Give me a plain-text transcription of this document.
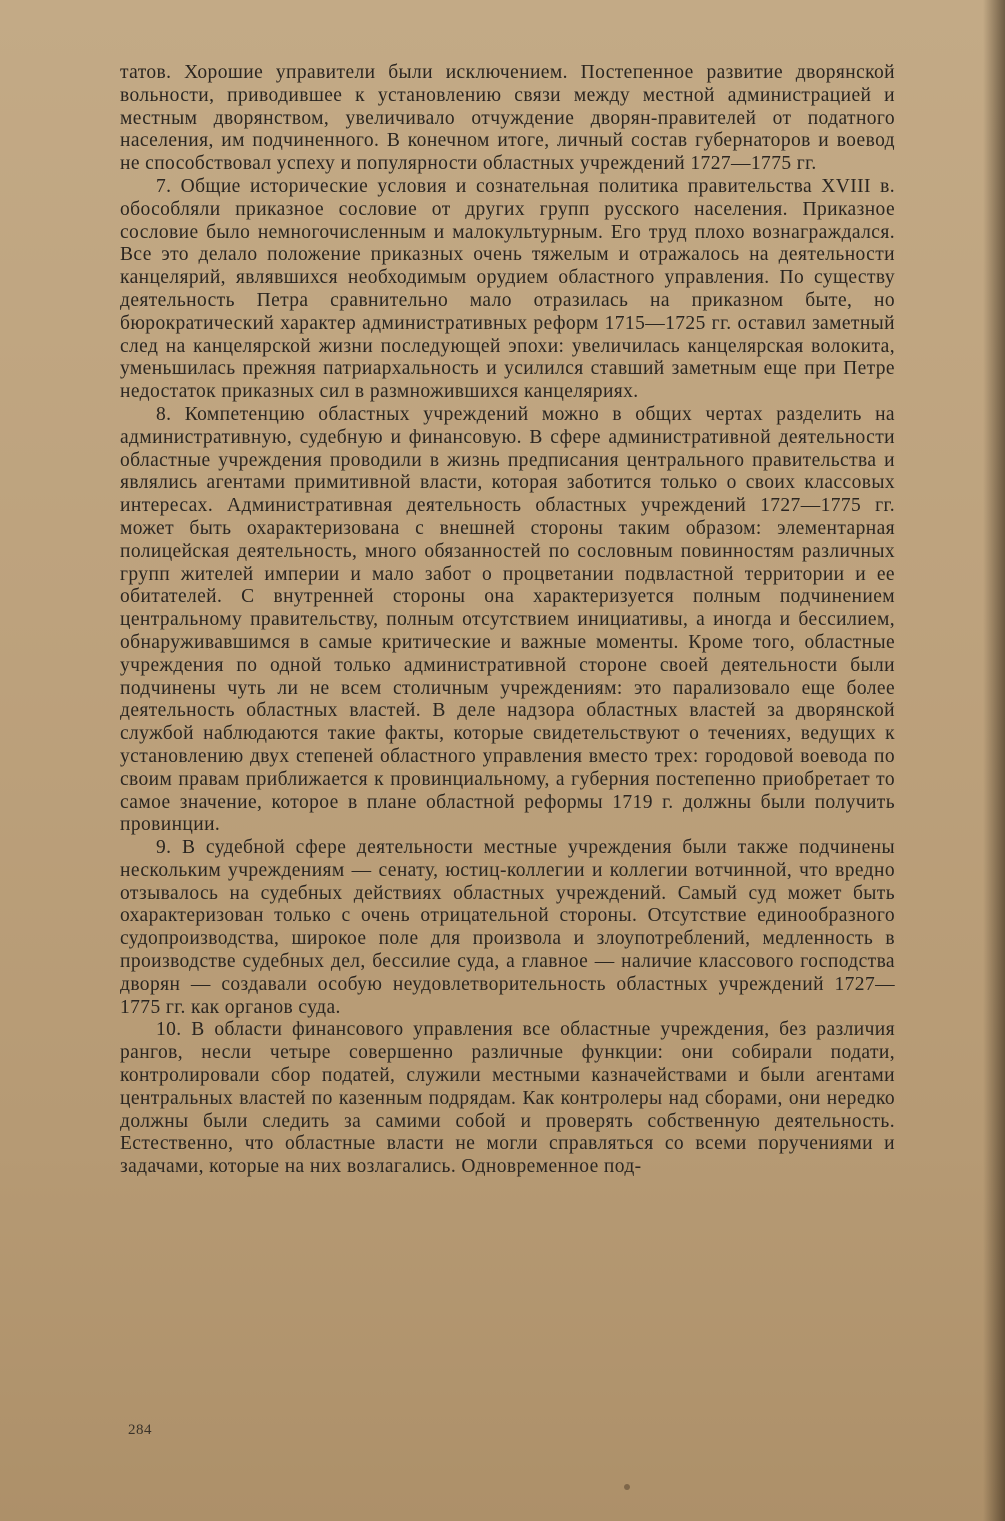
татов. Хорошие управители были исключением. Постепенное развитие дворянской вольности, приводившее к установлению связи между местной администрацией и местным дворянством, увеличивало отчуждение дворян-правителей от податного населения, им подчиненного. В конечном итоге, личный состав губернаторов и воевод не способствовал успеху и популярности областных учреждений 1727—1775 гг.

7. Общие исторические условия и сознательная политика правительства XVIII в. обособляли приказное сословие от других групп русского населения. Приказное сословие было немногочисленным и малокультурным. Его труд плохо вознаграждался. Все это делало положение приказных очень тяжелым и отражалось на деятельности канцелярий, являвшихся необходимым орудием областного управления. По существу деятельность Петра сравнительно мало отразилась на приказном быте, но бюрократический характер административных реформ 1715—1725 гг. оставил заметный след на канцелярской жизни последующей эпохи: увеличилась канцелярская волокита, уменьшилась прежняя патриархальность и усилился ставший заметным еще при Петре недостаток приказных сил в размножившихся канцеляриях.

8. Компетенцию областных учреждений можно в общих чертах разделить на административную, судебную и финансовую. В сфере административной деятельности областные учреждения проводили в жизнь предписания центрального правительства и являлись агентами примитивной власти, которая заботится только о своих классовых интересах. Административная деятельность областных учреждений 1727—1775 гг. может быть охарактеризована с внешней стороны таким образом: элементарная полицейская деятельность, много обязанностей по сословным повинностям различных групп жителей империи и мало забот о процветании подвластной территории и ее обитателей. С внутренней стороны она характеризуется полным подчинением центральному правительству, полным отсутствием инициативы, а иногда и бессилием, обнаруживавшимся в самые критические и важные моменты. Кроме того, областные учреждения по одной только административной стороне своей деятельности были подчинены чуть ли не всем столичным учреждениям: это парализовало еще более деятельность областных властей. В деле надзора областных властей за дворянской службой наблюдаются такие факты, которые свидетельствуют о течениях, ведущих к установлению двух степеней областного управления вместо трех: городовой воевода по своим правам приближается к провинциальному, а губерния постепенно приобретает то самое значение, которое в плане областной реформы 1719 г. должны были получить провинции.

9. В судебной сфере деятельности местные учреждения были также подчинены нескольким учреждениям — сенату, юстиц-коллегии и коллегии вотчинной, что вредно отзывалось на судебных действиях областных учреждений. Самый суд может быть охарактеризован только с очень отрицательной стороны. Отсутствие единообразного судопроизводства, широкое поле для произвола и злоупотреблений, медленность в производстве судебных дел, бессилие суда, а главное — наличие классового господства дворян — создавали особую неудовлетворительность областных учреждений 1727—1775 гг. как органов суда.

10. В области финансового управления все областные учреждения, без различия рангов, несли четыре совершенно различные функции: они собирали подати, контролировали сбор податей, служили местными казначействами и были агентами центральных властей по казенным подрядам. Как контролеры над сборами, они нередко должны были следить за самими собой и проверять собственную деятельность. Естественно, что областные власти не могли справляться со всеми поручениями и задачами, которые на них возлагались. Одновременное под-

284
